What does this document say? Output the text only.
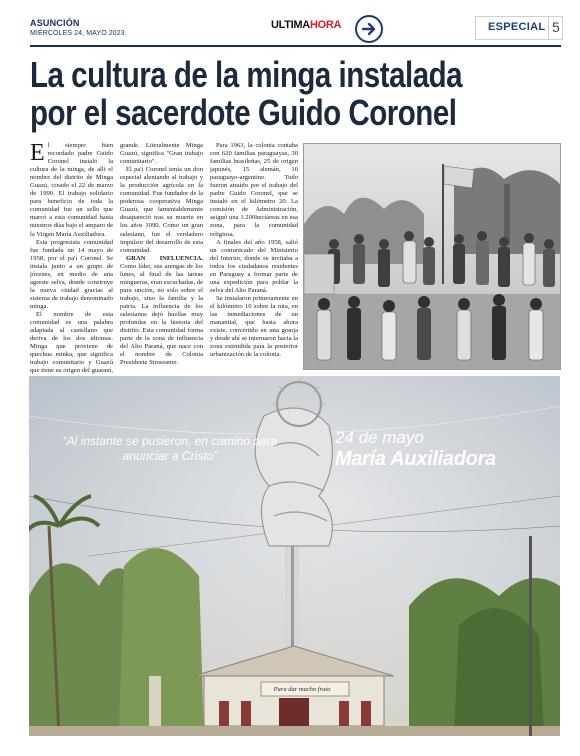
ASUNCIÓN
MIÉRCOLES 24, MAYO 2023
ULTIMAHORA	ESPECIAL 5
La cultura de la minga instalada
por el sacerdote Guido Coronel

El siempre bien recordado padre Guido Coronel instaló la cultura de la minga, de allí el nombre del distrito de Minga Guazú, creado el 22 de marzo de 1990. El trabajo solidario para beneficio de toda la comunidad fue un sello que marcó a esta comunidad hasta nuestros días bajo el amparo de la Virgen María Auxiliadora.

Esta progresista comunidad fue fundada un 14 mayo de 1958, por el pa'í Coronel. Se instala junto a un grupo de jóvenes, en medio de una agreste selva, donde construye la nueva ciudad gracias al sistema de trabajo denominado minga.

El nombre de esta comunidad es una palabra adaptada al castellano que deriva de los dos idiomas. Minga que proviene de quechua minka, que significa trabajo comunitario y Guazú que tiene su origen del guaraní,

grande. Literalmente Minga Guazú, significa "Gran trabajo comunitario".

El pa'í Coronel tenía un don especial alentando al trabajo y la producción agrícola en la comunidad. Fue fundador de la poderosa cooperativa Minga Guazú, que lamentablemente desapareció tras su muerte en los años 1990. Como un gran salesiano, fue el verdadero impulsor del desarrollo de esta comunidad.

GRAN INFLUENCIA. Como líder, sus arengas de los lunes, al final de las tareas mingueras, eran escuchadas, de pura unción, no solo sobre el trabajo, sino la familia y la patria. La influencia de los salesianos dejó huellas muy profundas en la historia del distrito. Esta comunidad forma parte de la zona de influencia del Alto Paraná, que nace con el nombre de Colonia Presidente Stroessner.

Para 1963, la colonia contaba con 620 familias paraguayas, 30 familias brasileñas, 25 de origen japonés, 15 alemán, 10 paraguayo-argentino. Todo fueron atraído por el trabajo del padre Guido Coronel, que se instaló en el kilómetro 20. La comisión de Administración, asignó una 1.200hectáreas en esa zona, para la comunidad religiosa.

A finales del año 1958, salió un comunicado del Ministerio del Interior, donde se invitaba a todos los ciudadanos residentes en Paraguay a formar parte de una expedición para poblar la selva del Alto Paraná.

Se instalaron primeramente en el kilómetro 10 sobre la ruta, en las inmediaciones de un manantial, que hasta ahora existe, convertido en una granja y desde ahí se internaron hacia la zona extendida para la posterior urbanización de la colonia.

“Al instante se pusieron, en camino para anunciar a Cristo”
24 de mayo
María Auxiliadora
Para dar mucho fruto
